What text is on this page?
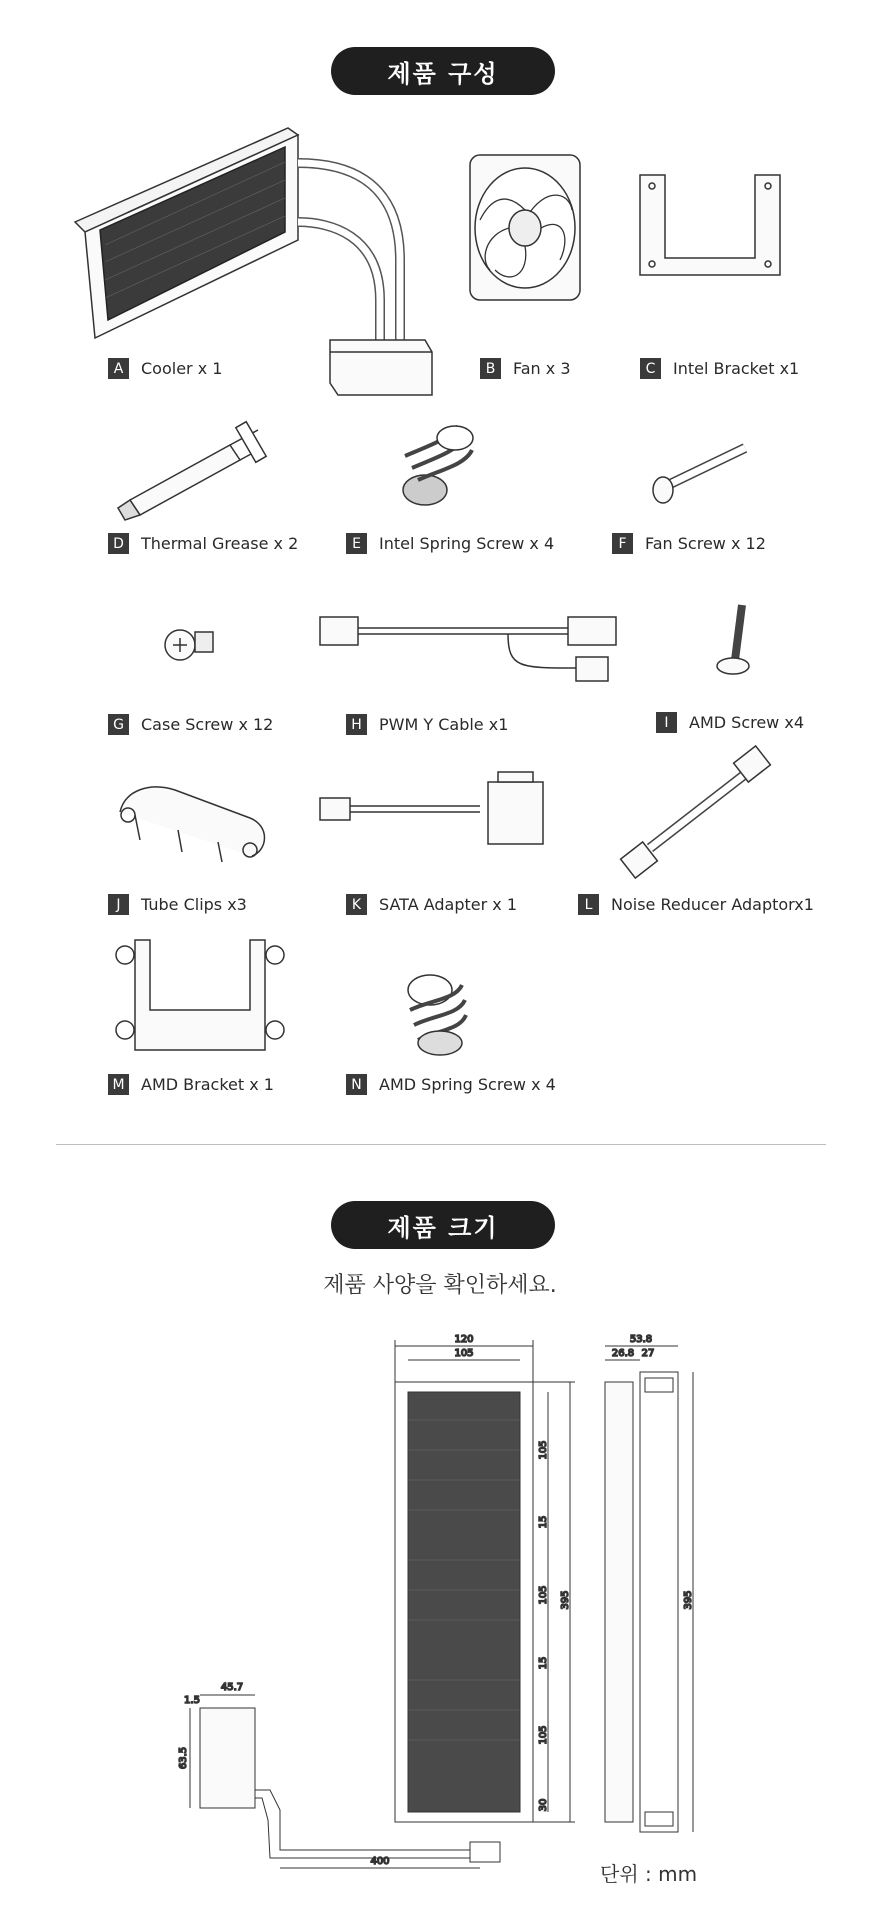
제품 구성
120
105
53.8
26.8 27
105
15
105
15
105
30
395	395
45.7
1.5
63.5
400
A	Cooler x 1	B	Fan x 3	C	Intel Bracket x1
D	Thermal Grease x 2	E	Intel Spring Screw x 4	F	Fan Screw x 12
G	Case Screw x 12	H	PWM Y Cable x1	I	AMD Screw x4
J	Tube Clips x3	K	SATA Adapter x 1	L	Noise Reducer Adaptorx1
M AMD Bracket x 1	N	AMD Spring Screw x 4
제품 크기
제품 사양을 확인하세요.
단위 : mm
